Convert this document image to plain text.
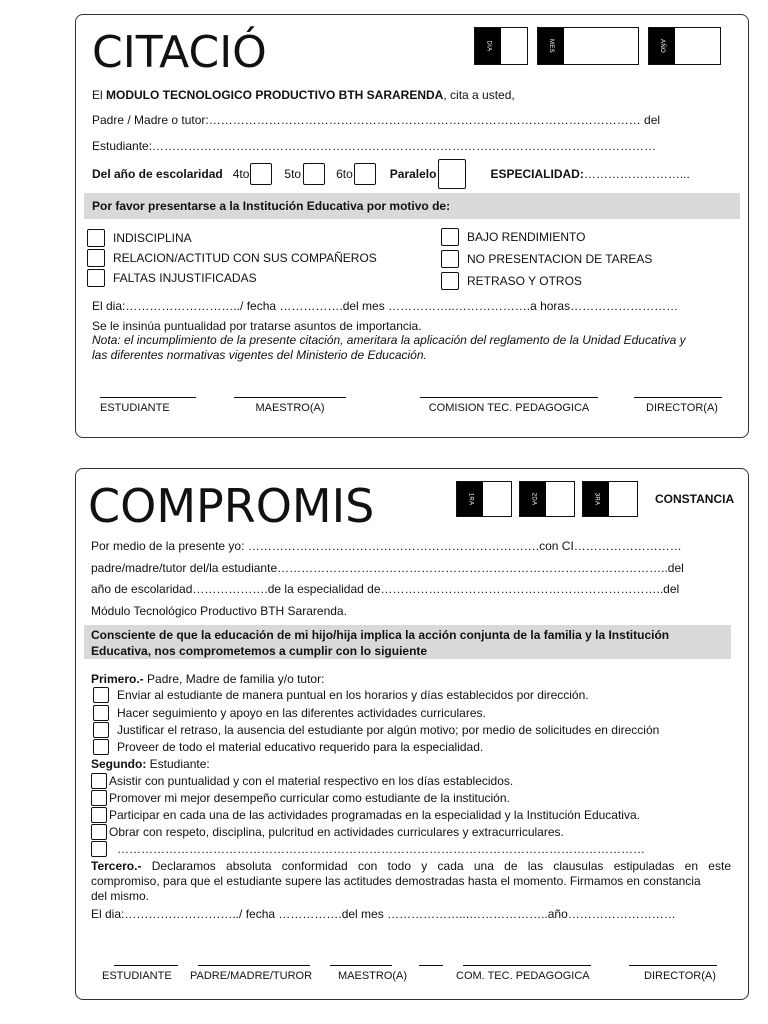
CITACIÓ	DIA	MES	AÑO
El MODULO TECNOLOGICO PRODUCTIVO BTH SARARENDA, cita a usted,
Padre / Madre o tutor:……………………………………………………………………………………………… del
Estudiante:………………………………………………………………………………………………………………
Del año de escolaridad 4to	5to	6to	Paralelo	ESPECIALIDAD: ……………………...
Por favor presentarse a la Institución Educativa por motivo de:
INDISCIPLINA
RELACION/ACTITUD CON SUS COMPAÑEROS
FALTAS INJUSTIFICADAS
BAJO RENDIMIENTO
NO PRESENTACION DE TAREAS
RETRASO Y OTROS
El dia:………………………../ fecha …………….del mes ……………..……………….a horas………………………
Se le insinúa puntualidad por tratarse asuntos de importancia.
Nota: el incumplimiento de la presente citación, ameritara la aplicación del reglamento de la Unidad Educativa y
las diferentes normativas vigentes del Ministerio de Educación.
ESTUDIANTE	MAESTRO(A)	COMISION TEC. PEDAGOGICA	DIRECTOR(A)
COMPROMIS	1RA	2DA	3RA	CONSTANCIA
Por medio de la presente yo: ……………………………………………………………….con CI………………………
padre/madre/tutor del/la estudiante……………………………………………………………………………………..del
año de escolaridad……………….de la especialidad de……………………………………………………………..del
Módulo Tecnológico Productivo BTH Sararenda.
Consciente de que la educación de mi hijo/hija implica la acción conjunta de la familia y la Institución
Educativa, nos comprometemos a cumplir con lo siguiente
Primero.- Padre, Madre de familia y/o tutor:
Enviar al estudiante de manera puntual en los horarios y días establecidos por dirección.
Hacer seguimiento y apoyo en las diferentes actividades curriculares.
Justificar el retraso, la ausencia del estudiante por algún motivo; por medio de solicitudes en dirección
Proveer de todo el material educativo requerido para la especialidad.
Segundo: Estudiante:
Asistir con puntualidad y con el material respectivo en los días establecidos.
Promover mi mejor desempeño curricular como estudiante de la institución.
Participar en cada una de las actividades programadas en la especialidad y la Institución Educativa.
Obrar con respeto, disciplina, pulcritud en actividades curriculares y extracurriculares.
……………………………………………………………………………………………………………………
Tercero.- Declaramos absoluta conformidad con todo y cada una de las clausulas estipuladas en este
compromiso, para que el estudiante supere las actitudes demostradas hasta el momento. Firmamos en constancia
del mismo.
El dia:………………………../ fecha …………….del mes ………………...………………..año………………………
ESTUDIANTE	PADRE/MADRE/TUROR	MAESTRO(A)	COM. TEC. PEDAGOGICA	DIRECTOR(A)
